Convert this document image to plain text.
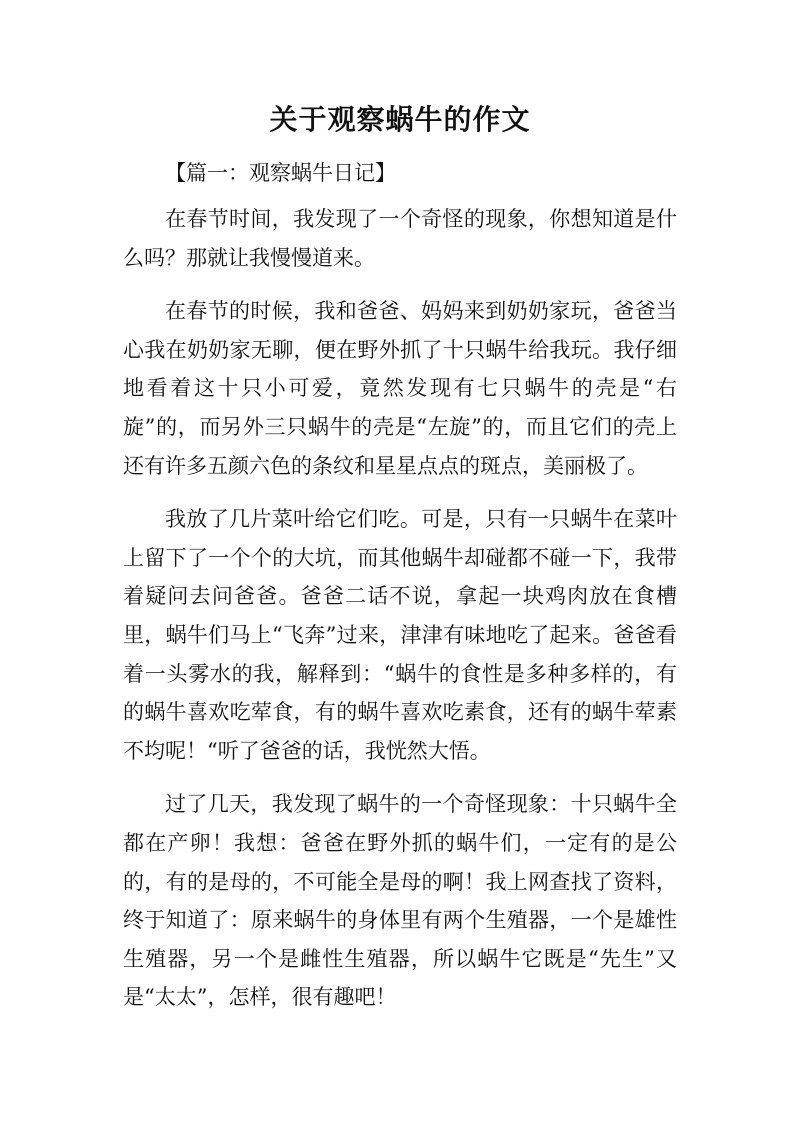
关于观察蜗牛的作文

【篇一：观察蜗牛日记】

在春节时间，我发现了一个奇怪的现象，你想知道是什么吗？那就让我慢慢道来。

在春节的时候，我和爸爸、妈妈来到奶奶家玩，爸爸当心我在奶奶家无聊，便在野外抓了十只蜗牛给我玩。我仔细地看着这十只小可爱，竟然发现有七只蜗牛的壳是“右旋”的，而另外三只蜗牛的壳是“左旋”的，而且它们的壳上还有许多五颜六色的条纹和星星点点的斑点，美丽极了。

我放了几片菜叶给它们吃。可是，只有一只蜗牛在菜叶上留下了一个个的大坑，而其他蜗牛却碰都不碰一下，我带着疑问去问爸爸。爸爸二话不说，拿起一块鸡肉放在食槽里，蜗牛们马上“飞奔”过来，津津有味地吃了起来。爸爸看着一头雾水的我，解释到：“蜗牛的食性是多种多样的，有的蜗牛喜欢吃荤食，有的蜗牛喜欢吃素食，还有的蜗牛荤素不均呢！“听了爸爸的话，我恍然大悟。

过了几天，我发现了蜗牛的一个奇怪现象：十只蜗牛全都在产卵！我想：爸爸在野外抓的蜗牛们，一定有的是公的，有的是母的，不可能全是母的啊！我上网查找了资料，终于知道了：原来蜗牛的身体里有两个生殖器，一个是雄性生殖器，另一个是雌性生殖器，所以蜗牛它既是“先生”又是“太太”，怎样，很有趣吧！
